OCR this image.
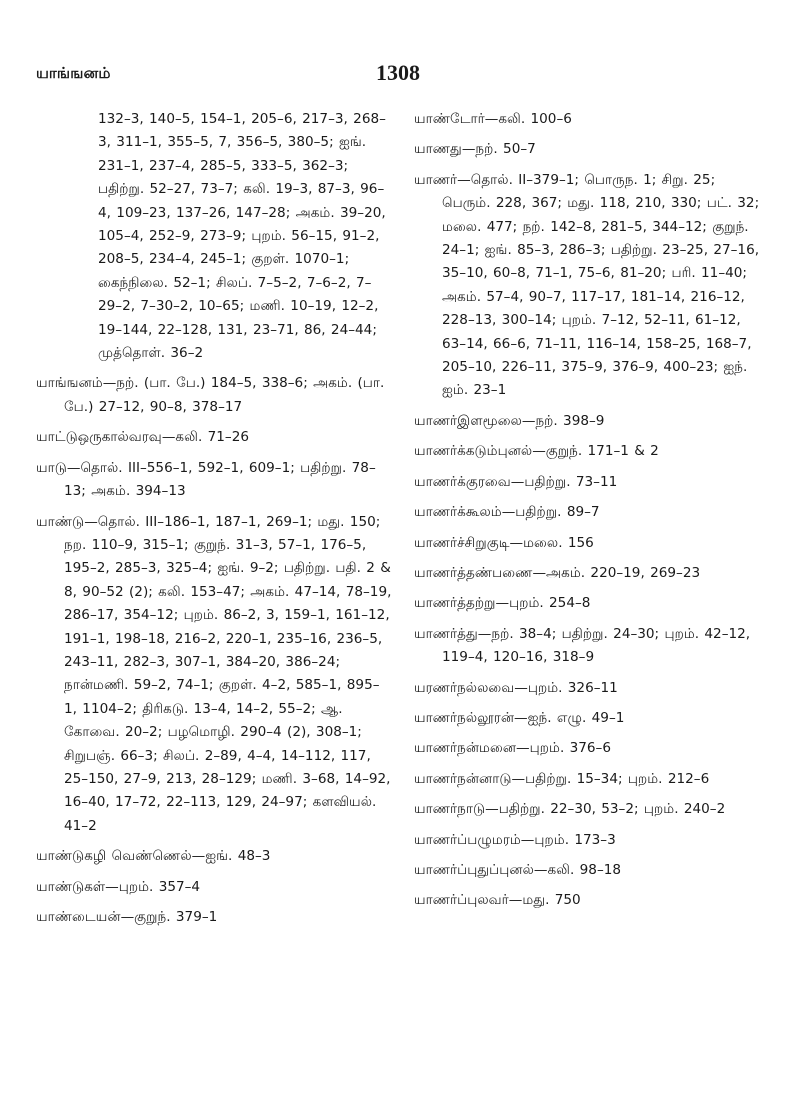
யாங்ஙனம்	1308
132–3, 140–5, 154–1, 205–6, 217–3, 268–3, 311–1, 355–5, 7, 356–5, 380–5; ஐங். 231–1, 237–4, 285–5, 333–5, 362–3; பதிற்று. 52–27, 73–7; கலி. 19–3, 87–3, 96–4, 109–23, 137–26, 147–28; அகம். 39–20, 105–4, 252–9, 273–9; புறம். 56–15, 91–2, 208–5, 234–4, 245–1; குறள். 1070–1; கைந்நிலை. 52–1; சிலப். 7–5–2, 7–6–2, 7–29–2, 7–30–2, 10–65; மணி. 10–19, 12–2, 19–144, 22–128, 131, 23–71, 86, 24–44; முத்தொள். 36–2
யாங்ஙனம்—நற். (பா. பே.) 184–5, 338–6; அகம். (பா. பே.) 27–12, 90–8, 378–17
யாட்டுஒருகால்வரவு—கலி. 71–26
யாடு—தொல். III–556–1, 592–1, 609–1; பதிற்று. 78–13; அகம். 394–13
யாண்டு—தொல். III–186–1, 187–1, 269–1; மது. 150; நற. 110–9, 315–1; குறுந். 31–3, 57–1, 176–5, 195–2, 285–3, 325–4; ஐங். 9–2; பதிற்று. பதி. 2 & 8, 90–52 (2); கலி. 153–47; அகம். 47–14, 78–19, 286–17, 354–12; புறம். 86–2, 3, 159–1, 161–12, 191–1, 198–18, 216–2, 220–1, 235–16, 236–5, 243–11, 282–3, 307–1, 384–20, 386–24; நான்மணி. 59–2, 74–1; குறள். 4–2, 585–1, 895–1, 1104–2; திரிகடு. 13–4, 14–2, 55–2; ஆ. கோவை. 20–2; பழமொழி. 290–4 (2), 308–1; சிறுபஞ். 66–3; சிலப். 2–89, 4–4, 14–112, 117, 25–150, 27–9, 213, 28–129; மணி. 3–68, 14–92, 16–40, 17–72, 22–113, 129, 24–97; களவியல். 41–2
யாண்டுகழி வெண்ணெல்—ஐங். 48–3
யாண்டுகள்—புறம். 357–4
யாண்டையன்—குறுந். 379–1
யாண்டோர்—கலி. 100–6
யாணது—நற். 50–7
யாணர்—தொல். II–379–1; பொருந. 1; சிறு. 25; பெரும். 228, 367; மது. 118, 210, 330; பட். 32; மலை. 477; நற். 142–8, 281–5, 344–12; குறுந். 24–1; ஐங். 85–3, 286–3; பதிற்று. 23–25, 27–16, 35–10, 60–8, 71–1, 75–6, 81–20; பரி. 11–40; அகம். 57–4, 90–7, 117–17, 181–14, 216–12, 228–13, 300–14; புறம். 7–12, 52–11, 61–12, 63–14, 66–6, 71–11, 116–14, 158–25, 168–7, 205–10, 226–11, 375–9, 376–9, 400–23; ஐந். ஐம். 23–1
யாணர்இளமூலை—நற். 398–9
யாணர்க்கடும்புனல்—குறுந். 171–1 & 2
யாணர்க்குரவை—பதிற்று. 73–11
யாணர்க்கூலம்—பதிற்று. 89–7
யாணர்ச்சிறுகுடி—மலை. 156
யாணர்த்தண்பணை—அகம். 220–19, 269–23
யாணர்த்தற்று—புறம். 254–8
யாணர்த்து—நற். 38–4; பதிற்று. 24–30; புறம். 42–12, 119–4, 120–16, 318–9
யரணர்நல்லவை—புறம். 326–11
யாணர்நல்லூரன்—ஐந். எழு. 49–1
யாணர்நன்மனை—புறம். 376–6
யாணர்நன்னாடு—பதிற்று. 15–34; புறம். 212–6
யாணர்நாடு—பதிற்று. 22–30, 53–2; புறம். 240–2
யாணர்ப்பழுமரம்—புறம். 173–3
யாணர்ப்புதுப்புனல்—கலி. 98–18
யாணர்ப்புலவர்—மது. 750
